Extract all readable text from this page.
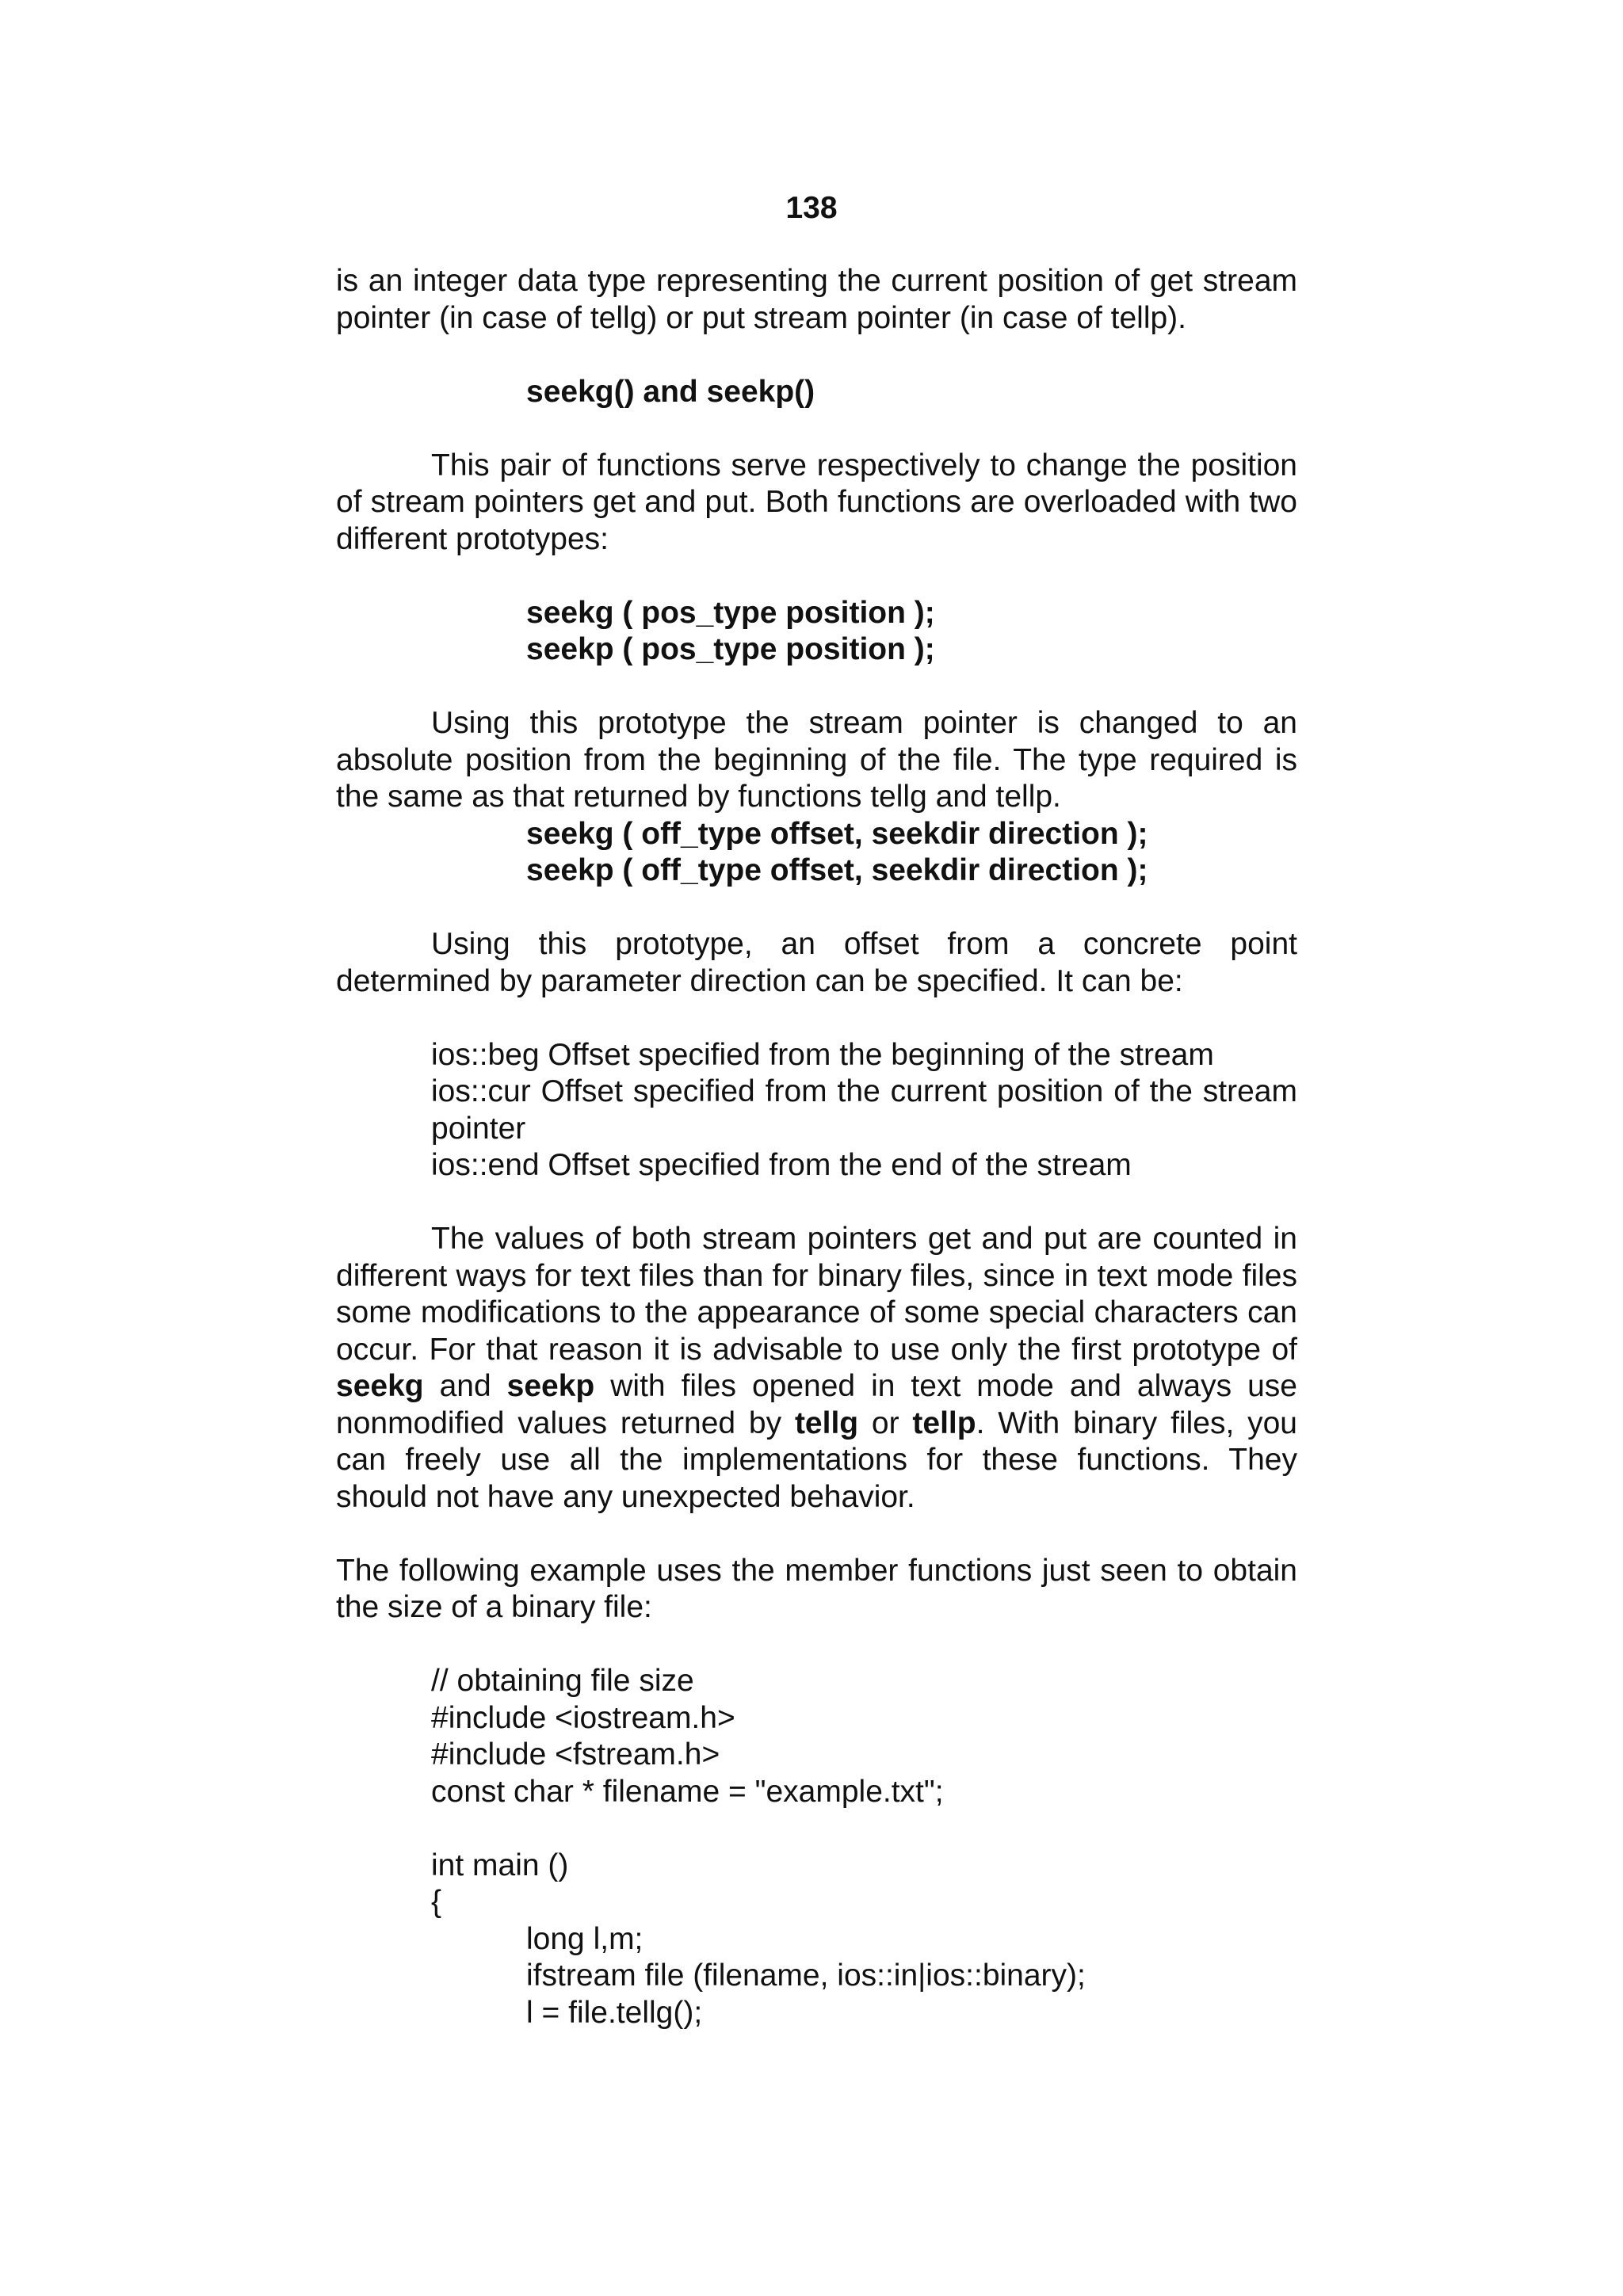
138

is an integer data type representing the current position of get stream pointer (in case of tellg) or put stream pointer (in case of tellp).

seekg() and seekp()

This pair of functions serve respectively to change the position of stream pointers get and put. Both functions are overloaded with two different prototypes:

seekg ( pos_type position );

seekp ( pos_type position );

Using this prototype the stream pointer is changed to an absolute position from the beginning of the file. The type required is the same as that returned by functions tellg and tellp.

seekg ( off_type offset, seekdir direction );

seekp ( off_type offset, seekdir direction );

Using this prototype, an offset from a concrete point determined by parameter direction can be specified. It can be:

ios::beg Offset specified from the beginning of the stream

ios::cur Offset specified from the current position of the stream pointer

ios::end Offset specified from the end of the stream

The values of both stream pointers get and put are counted in different ways for text files than for binary files, since in text mode files some modifications to the appearance of some special characters can occur. For that reason it is advisable to use only the first prototype of seekg and seekp with files opened in text mode and always use nonmodified values returned by tellg or tellp. With binary files, you can freely use all the implementations for these functions. They should not have any unexpected behavior.

The following example uses the member functions just seen to obtain the size of a binary file:

// obtaining file size

#include <iostream.h>

#include <fstream.h>

const char * filename = "example.txt";

int main ()

{

long l,m;

ifstream file (filename, ios::in|ios::binary);

l = file.tellg();
